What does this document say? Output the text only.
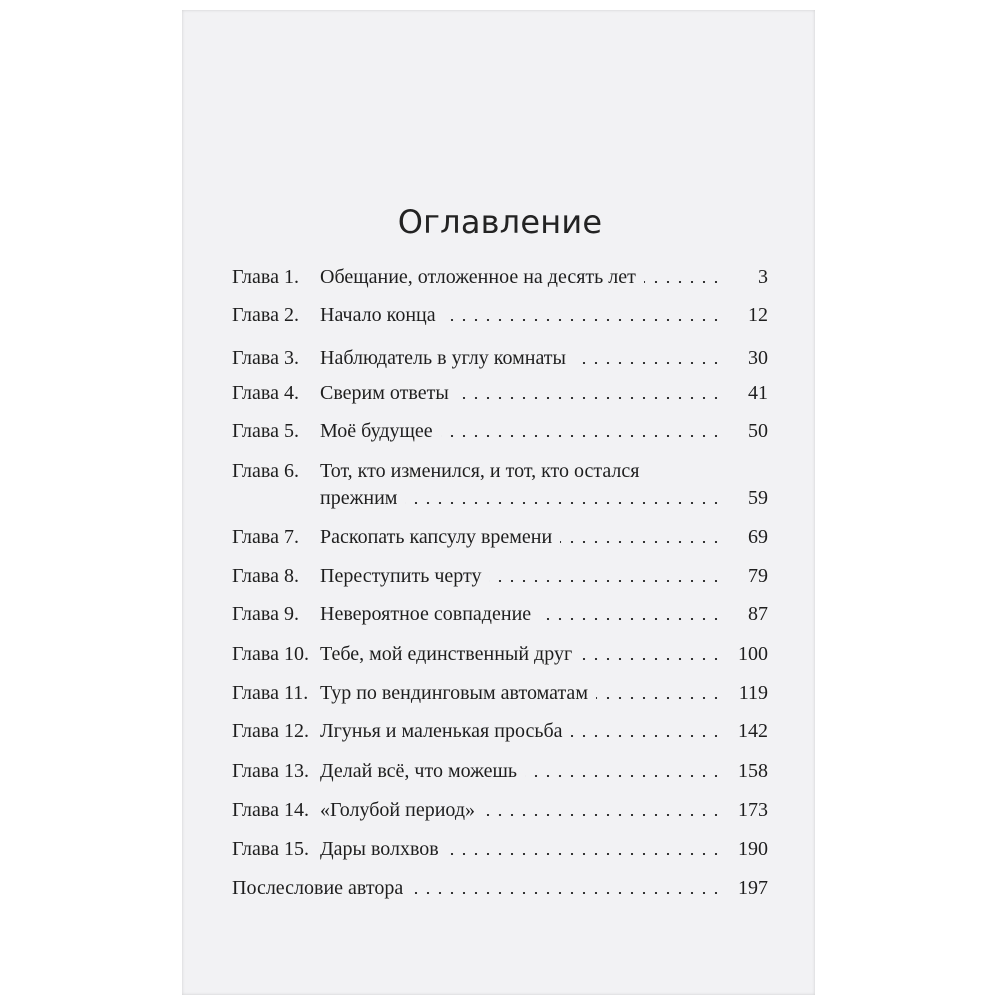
Оглавление
Глава 1. Обещание, отложенное на десять лет	3
Глава 2. Начало конца	12
Глава 3. Наблюдатель в углу комнаты	30
Глава 4. Сверим ответы	41
Глава 5. Моё будущее	50
Глава 6. Тот, кто изменился, и тот, кто остался
прежним	59
Глава 7. Раскопать капсулу времени	69
Глава 8. Переступить черту	79
Глава 9. Невероятное совпадение	87
Глава 10. Тебе, мой единственный друг	100
Глава 11. Тур по вендинговым автоматам	119
Глава 12. Лгунья и маленькая просьба	142
Глава 13. Делай всё, что можешь	158
Глава 14. «Голубой период»	173
Глава 15. Дары волхвов	190
Послесловие автора	197
